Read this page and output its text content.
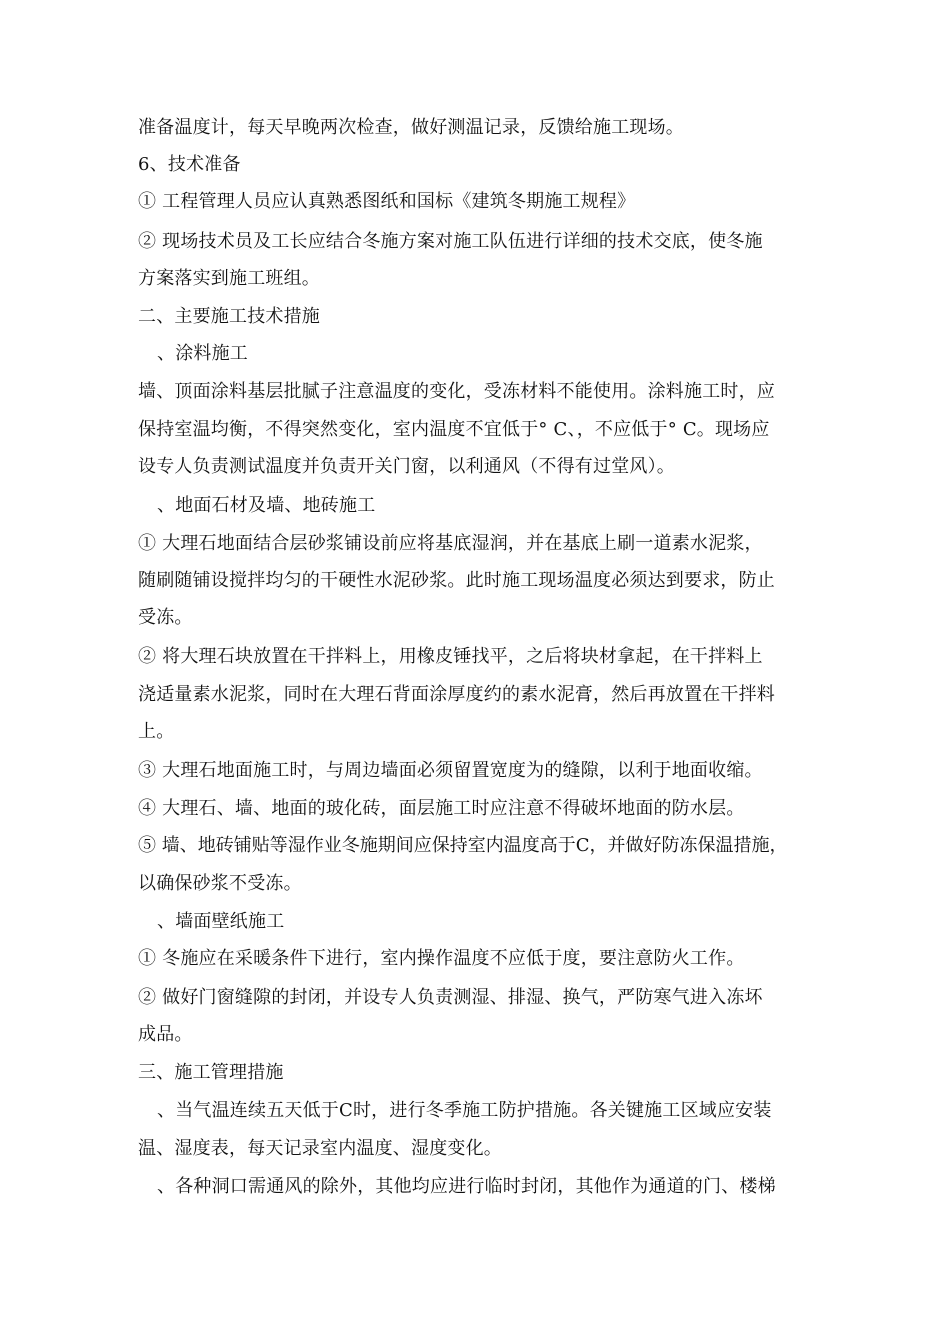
准备温度计，每天早晚两次检查，做好测温记录，反馈给施工现场。
6、技术准备
① 工程管理人员应认真熟悉图纸和国标《建筑冬期施工规程》
② 现场技术员及工长应结合冬施方案对施工队伍进行详细的技术交底，使冬施
方案落实到施工班组。
二、主要施工技术措施
、涂料施工
墙、顶面涂料基层批腻子注意温度的变化，受冻材料不能使用。涂料施工时，应
保持室温均衡，不得突然变化，室内温度不宜低于° C、，不应低于° C。现场应
设专人负责测试温度并负责开关门窗，以利通风（不得有过堂风）。
、地面石材及墙、地砖施工
① 大理石地面结合层砂浆铺设前应将基底湿润，并在基底上刷一道素水泥浆，
随刷随铺设搅拌均匀的干硬性水泥砂浆。此时施工现场温度必须达到要求，防止
受冻。
② 将大理石块放置在干拌料上，用橡皮锤找平，之后将块材拿起，在干拌料上
浇适量素水泥浆，同时在大理石背面涂厚度约的素水泥膏，然后再放置在干拌料
上。
③ 大理石地面施工时，与周边墙面必须留置宽度为的缝隙，以利于地面收缩。
④ 大理石、墙、地面的玻化砖，面层施工时应注意不得破坏地面的防水层。
⑤ 墙、地砖铺贴等湿作业冬施期间应保持室内温度高于C，并做好防冻保温措施，
以确保砂浆不受冻。
、墙面壁纸施工
① 冬施应在采暖条件下进行，室内操作温度不应低于度，要注意防火工作。
② 做好门窗缝隙的封闭，并设专人负责测湿、排湿、换气，严防寒气进入冻坏
成品。
三、施工管理措施
、当气温连续五天低于C时，进行冬季施工防护措施。各关键施工区域应安装
温、湿度表，每天记录室内温度、湿度变化。
、各种洞口需通风的除外，其他均应进行临时封闭，其他作为通道的门、楼梯
